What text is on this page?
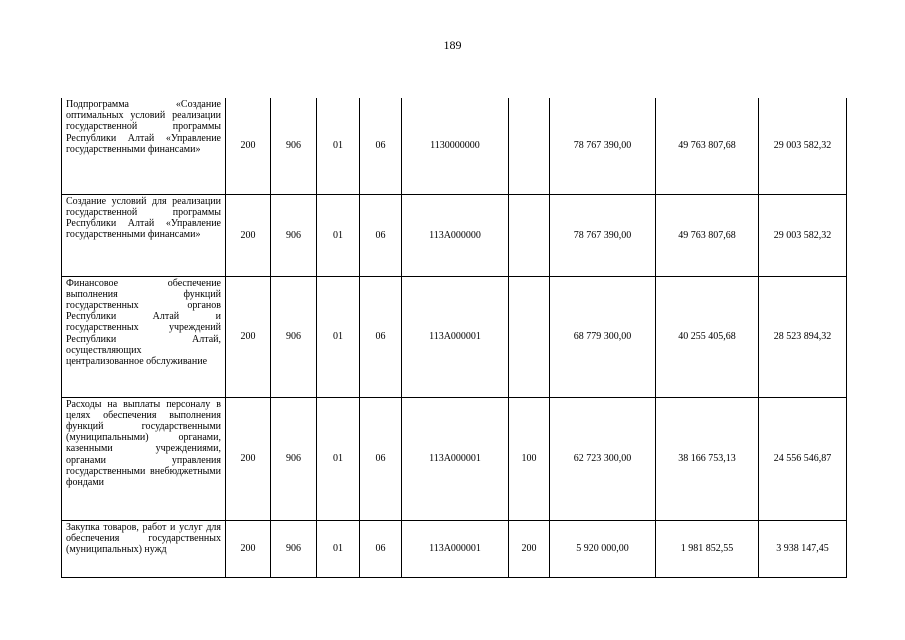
189
Подпрограмма «Создание оптимальных условий реализации государственной программы Республики Алтай «Управление государственными финансами»	200	906	01	06	1130000000		78 767 390,00	49 763 807,68	29 003 582,32
Создание условий для реализации государственной программы Республики Алтай «Управление государственными финансами»	200	906	01	06	113А000000		78 767 390,00	49 763 807,68	29 003 582,32
Финансовое обеспечение выполнения функций государственных органов Республики Алтай и государственных учреждений Республики Алтай, осуществляющих централизованное обслуживание	200	906	01	06	113А000001		68 779 300,00	40 255 405,68	28 523 894,32
Расходы на выплаты персоналу в целях обеспечения выполнения функций государственными (муниципальными) органами, казенными учреждениями, органами управления государственными внебюджетными фондами	200	906	01	06	113А000001	100	62 723 300,00	38 166 753,13	24 556 546,87
Закупка товаров, работ и услуг для обеспечения государственных (муниципальных) нужд	200	906	01	06	113А000001	200	5 920 000,00	1 981 852,55	3 938 147,45
